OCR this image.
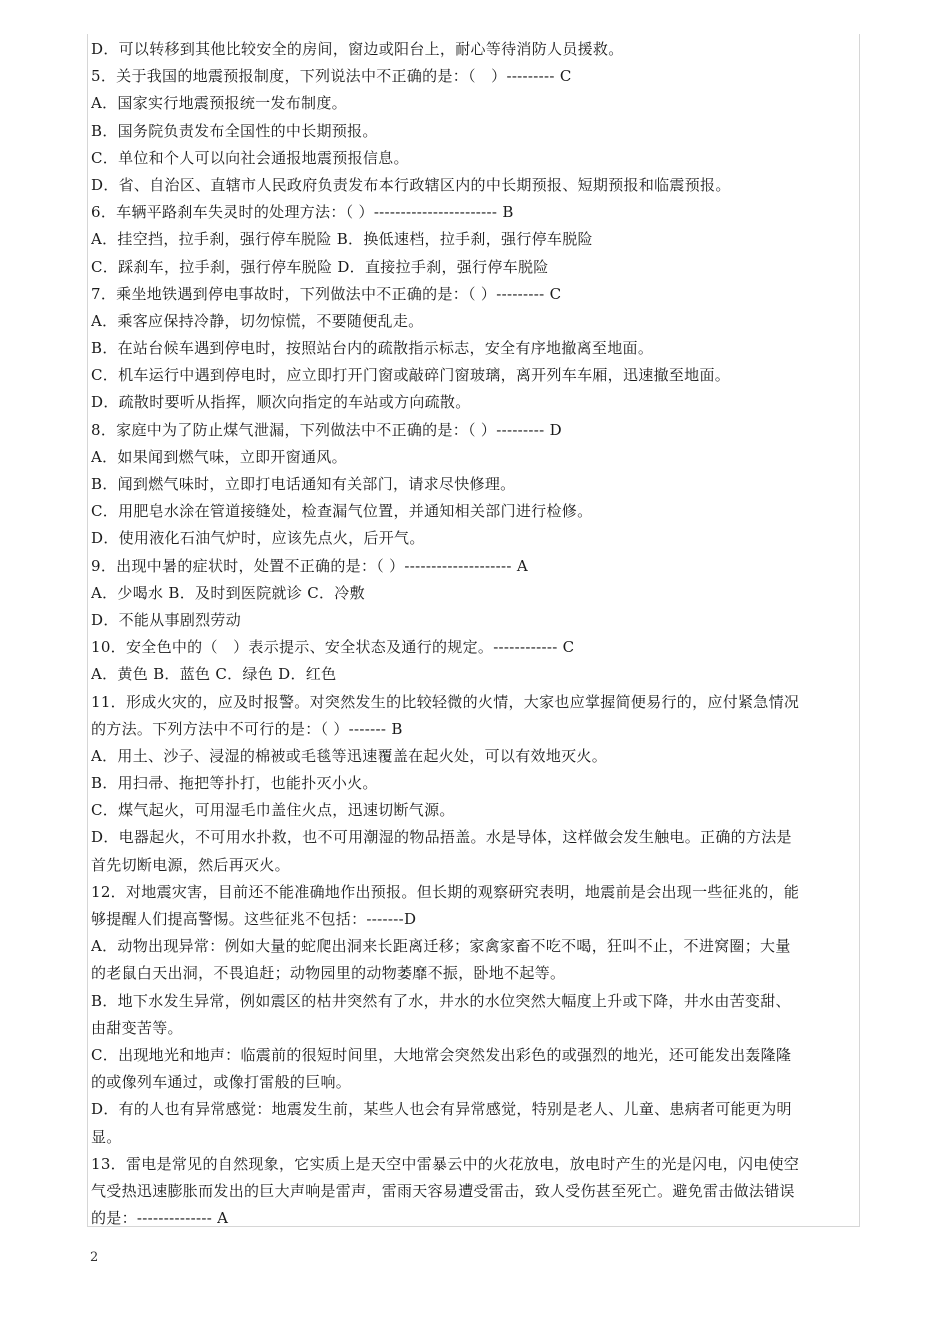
D．可以转移到其他比较安全的房间，窗边或阳台上，耐心等待消防人员援救。

5．关于我国的地震预报制度，下列说法中不正确的是：（　）--------- C

A．国家实行地震预报统一发布制度。

B．国务院负责发布全国性的中长期预报。

C．单位和个人可以向社会通报地震预报信息。

D．省、自治区、直辖市人民政府负责发布本行政辖区内的中长期预报、短期预报和临震预报。

6．车辆平路刹车失灵时的处理方法：（ ）----------------------- B

A．挂空挡，拉手刹，强行停车脱险 B．换低速档，拉手刹，强行停车脱险

C．踩刹车，拉手刹，强行停车脱险 D．直接拉手刹，强行停车脱险

7．乘坐地铁遇到停电事故时，下列做法中不正确的是：（ ）--------- C

A．乘客应保持冷静，切勿惊慌，不要随便乱走。

B．在站台候车遇到停电时，按照站台内的疏散指示标志，安全有序地撤离至地面。

C．机车运行中遇到停电时，应立即打开门窗或敲碎门窗玻璃，离开列车车厢，迅速撤至地面。

D．疏散时要听从指挥，顺次向指定的车站或方向疏散。

8．家庭中为了防止煤气泄漏，下列做法中不正确的是：（ ）--------- D

A．如果闻到燃气味，立即开窗通风。

B．闻到燃气味时，立即打电话通知有关部门，请求尽快修理。

C．用肥皂水涂在管道接缝处，检查漏气位置，并通知相关部门进行检修。

D．使用液化石油气炉时，应该先点火，后开气。

9．出现中暑的症状时，处置不正确的是：（ ）-------------------- A

A．少喝水 B．及时到医院就诊 C．冷敷

D．不能从事剧烈劳动

10．安全色中的（　）表示提示、安全状态及通行的规定。------------ C

A．黄色 B．蓝色 C．绿色 D．红色

11．形成火灾的，应及时报警。对突然发生的比较轻微的火情，大家也应掌握简便易行的，应付紧急情况

的方法。下列方法中不可行的是：（ ）------- B

A．用土、沙子、浸湿的棉被或毛毯等迅速覆盖在起火处，可以有效地灭火。

B．用扫帚、拖把等扑打，也能扑灭小火。

C．煤气起火，可用湿毛巾盖住火点，迅速切断气源。

D．电器起火，不可用水扑救，也不可用潮湿的物品捂盖。水是导体，这样做会发生触电。正确的方法是

首先切断电源，然后再灭火。

12．对地震灾害，目前还不能准确地作出预报。但长期的观察研究表明，地震前是会出现一些征兆的，能

够提醒人们提高警惕。这些征兆不包括：-------D

A．动物出现异常：例如大量的蛇爬出洞来长距离迁移；家禽家畜不吃不喝，狂叫不止，不进窝圈；大量

的老鼠白天出洞，不畏追赶；动物园里的动物萎靡不振，卧地不起等。

B．地下水发生异常，例如震区的枯井突然有了水，井水的水位突然大幅度上升或下降，井水由苦变甜、

由甜变苦等。

C．出现地光和地声：临震前的很短时间里，大地常会突然发出彩色的或强烈的地光，还可能发出轰隆隆

的或像列车通过，或像打雷般的巨响。

D．有的人也有异常感觉：地震发生前，某些人也会有异常感觉，特别是老人、儿童、患病者可能更为明

显。

13．雷电是常见的自然现象，它实质上是天空中雷暴云中的火花放电，放电时产生的光是闪电，闪电使空

气受热迅速膨胀而发出的巨大声响是雷声，雷雨天容易遭受雷击，致人受伤甚至死亡。避免雷击做法错误

的是：-------------- A

2
